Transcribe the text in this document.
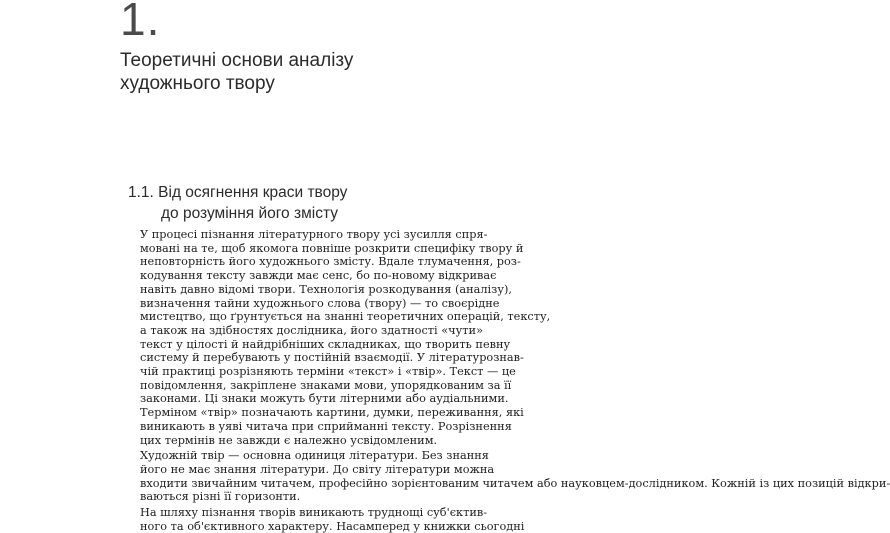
1.
Теоретичні основи аналізу
художнього твору
1.1. Від осягнення краси твору
до розуміння його змісту
У процесі пізнання літературного твору усі зусилля спря-
мовані на те, щоб якомога повніше розкрити специфіку твору й
неповторність його художнього змісту. Вдале тлумачення, роз-
кодування тексту завжди має сенс, бо по-новому відкриває
навіть давно відомі твори. Технологія розкодування (аналізу),
визначення тайни художнього слова (твору) — то своєрідне
мистецтво, що ґрунтується на знанні теоретичних операцій, тексту,
а також на здібностях дослідника, його здатності «чути»
текст у цілості й найдрібніших складниках, що творить певну
систему й перебувають у постійній взаємодії. У літературознав-
чій практиці розрізняють терміни «текст» і «твір». Текст — це
повідомлення, закріплене знаками мови, упорядкованим за її
законами. Ці знаки можуть бути літерними або аудіальними.
Терміном «твір» позначають картини, думки, переживання, які
виникають в уяві читача при сприйманні тексту. Розрізнення
цих термінів не завжди є належно усвідомленим.
Художній твір — основна одиниця літератури. Без знання
його не має знання літератури. До світу літератури можна
входити звичайним читачем, професійно зорієнтованим читачем або науковцем-дослідником. Кожній із цих позицій відкри-
ваються різні її горизонти.
На шляху пізнання творів виникають труднощі суб'єктив-
ного та об'єктивного характеру. Насамперед у книжки сьогодні
